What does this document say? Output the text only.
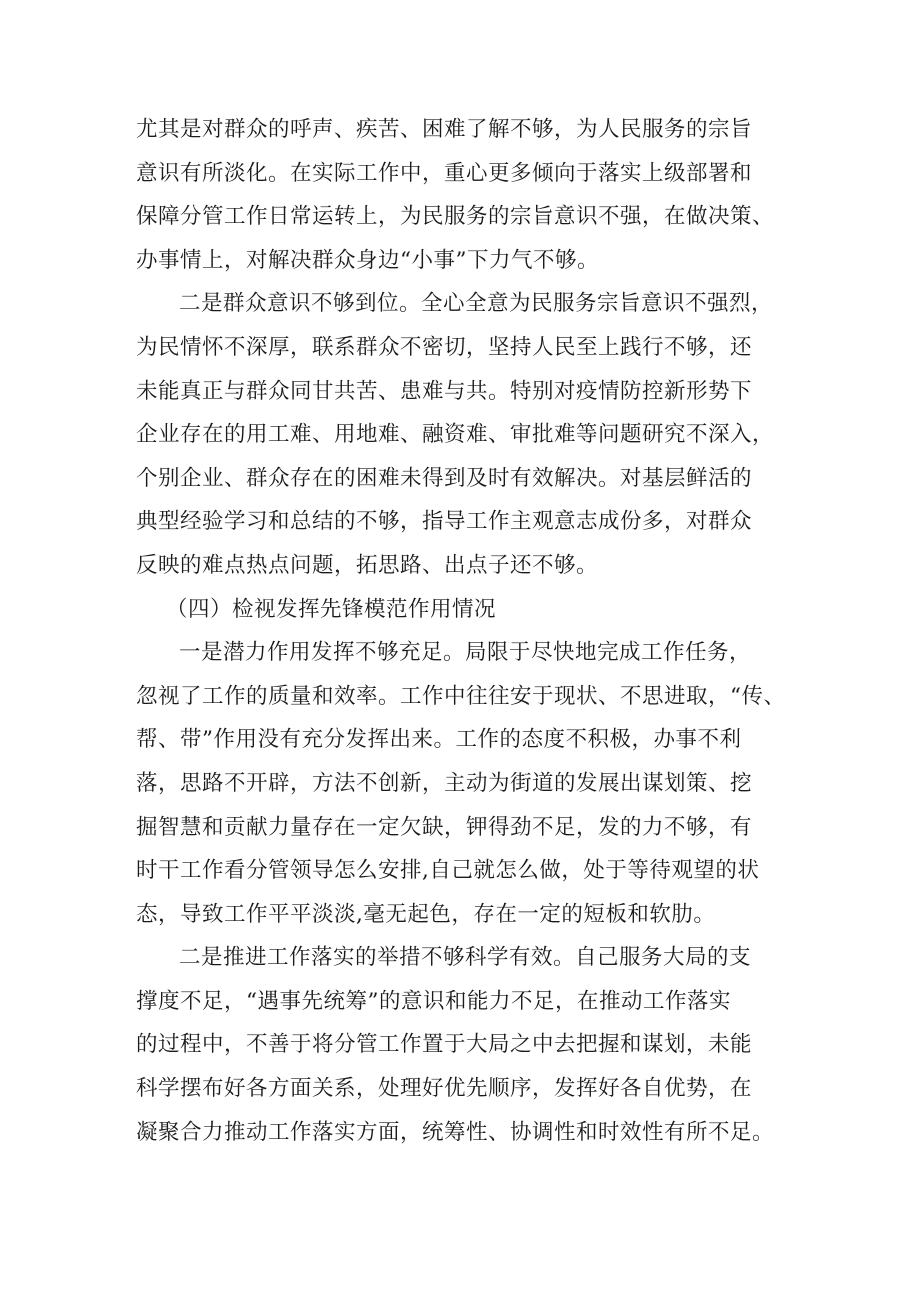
尤其是对群众的呼声、疾苦、困难了解不够，为人民服务的宗旨
意识有所淡化。在实际工作中，重心更多倾向于落实上级部署和
保障分管工作日常运转上，为民服务的宗旨意识不强，在做决策、
办事情上，对解决群众身边“小事”下力气不够。
二是群众意识不够到位。全心全意为民服务宗旨意识不强烈，
为民情怀不深厚，联系群众不密切，坚持人民至上践行不够，还
未能真正与群众同甘共苦、患难与共。特别对疫情防控新形势下
企业存在的用工难、用地难、融资难、审批难等问题研究不深入，
个别企业、群众存在的困难未得到及时有效解决。对基层鲜活的
典型经验学习和总结的不够，指导工作主观意志成份多，对群众
反映的难点热点问题，拓思路、出点子还不够。
（四）检视发挥先锋模范作用情况
一是潜力作用发挥不够充足。局限于尽快地完成工作任务，
忽视了工作的质量和效率。工作中往往安于现状、不思进取，“传、
帮、带”作用没有充分发挥出来。工作的态度不积极，办事不利
落，思路不开辟，方法不创新，主动为街道的发展出谋划策、挖
掘智慧和贡献力量存在一定欠缺，钾得劲不足，发的力不够，有
时干工作看分管领导怎么安排,自己就怎么做，处于等待观望的状
态，导致工作平平淡淡,毫无起色，存在一定的短板和软肋。
二是推进工作落实的举措不够科学有效。自己服务大局的支
撑度不足，“遇事先统筹”的意识和能力不足，在推动工作落实
的过程中，不善于将分管工作置于大局之中去把握和谋划，未能
科学摆布好各方面关系，处理好优先顺序，发挥好各自优势，在
凝聚合力推动工作落实方面，统筹性、协调性和时效性有所不足。
